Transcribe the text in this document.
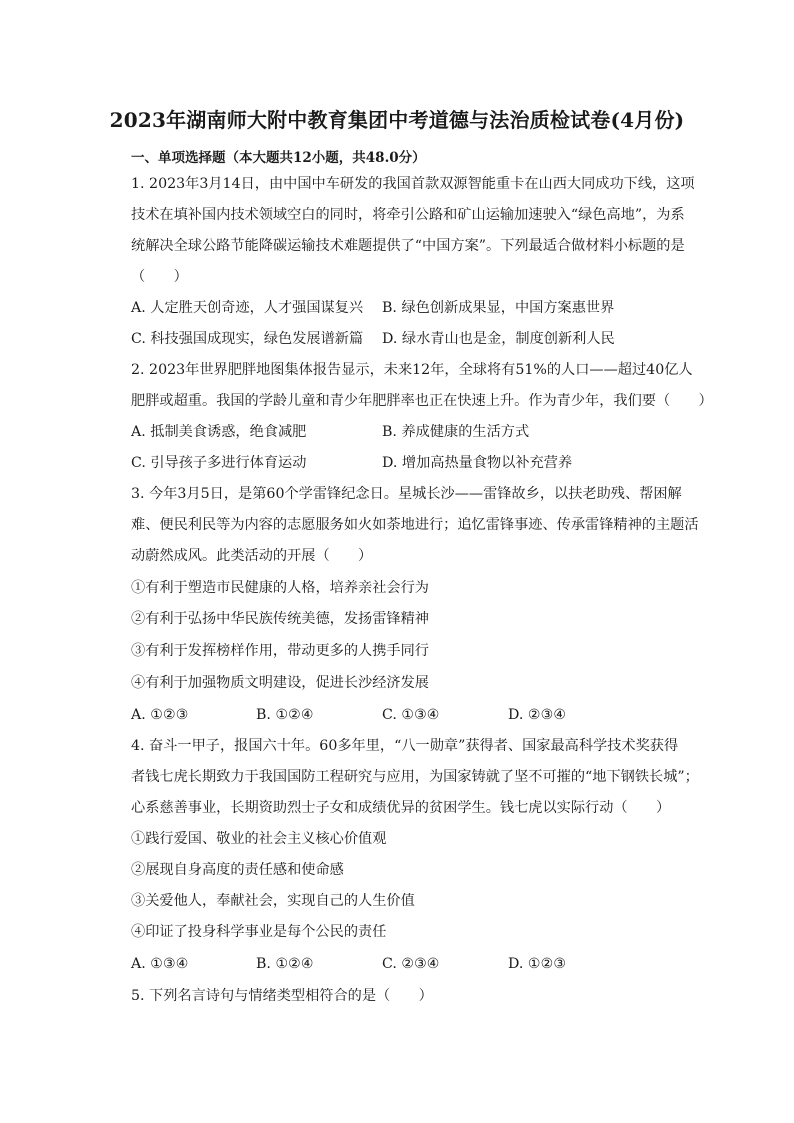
2023年湖南师大附中教育集团中考道德与法治质检试卷(4月份)
一、单项选择题（本大题共12小题，共48.0分）
1. 2023年3月14日，由中国中车研发的我国首款双源智能重卡在山西大同成功下线，这项
技术在填补国内技术领域空白的同时，将牵引公路和矿山运输加速驶入“绿色高地”，为系
统解决全球公路节能降碳运输技术难题提供了“中国方案”。下列最适合做材料小标题的是
（　　）
A. 人定胜天创奇迹，人才强国谋复兴 B. 绿色创新成果显，中国方案惠世界
C. 科技强国成现实，绿色发展谱新篇 D. 绿水青山也是金，制度创新利人民
2. 2023年世界肥胖地图集体报告显示，未来12年，全球将有51%的人口——超过40亿人
肥胖或超重。我国的学龄儿童和青少年肥胖率也正在快速上升。作为青少年，我们要（　　）
A. 抵制美食诱惑，绝食减肥	B. 养成健康的生活方式
C. 引导孩子多进行体育运动	D. 增加高热量食物以补充营养
3. 今年3月5日，是第60个学雷锋纪念日。星城长沙——雷锋故乡，以扶老助残、帮困解
难、便民利民等为内容的志愿服务如火如荼地进行；追忆雷锋事迹、传承雷锋精神的主题活
动蔚然成风。此类活动的开展（　　）
①有利于塑造市民健康的人格，培养亲社会行为
②有利于弘扬中华民族传统美德，发扬雷锋精神
③有利于发挥榜样作用，带动更多的人携手同行
④有利于加强物质文明建设，促进长沙经济发展
A. ①②③	B. ①②④	C. ①③④	D. ②③④
4. 奋斗一甲子，报国六十年。60多年里，“八一勋章”获得者、国家最高科学技术奖获得
者钱七虎长期致力于我国国防工程研究与应用，为国家铸就了坚不可摧的“地下钢铁长城”；
心系慈善事业，长期资助烈士子女和成绩优异的贫困学生。钱七虎以实际行动（　　）
①践行爱国、敬业的社会主义核心价值观
②展现自身高度的责任感和使命感
③关爱他人，奉献社会，实现自己的人生价值
④印证了投身科学事业是每个公民的责任
A. ①③④	B. ①②④	C. ②③④	D. ①②③
5. 下列名言诗句与情绪类型相符合的是（　　）
